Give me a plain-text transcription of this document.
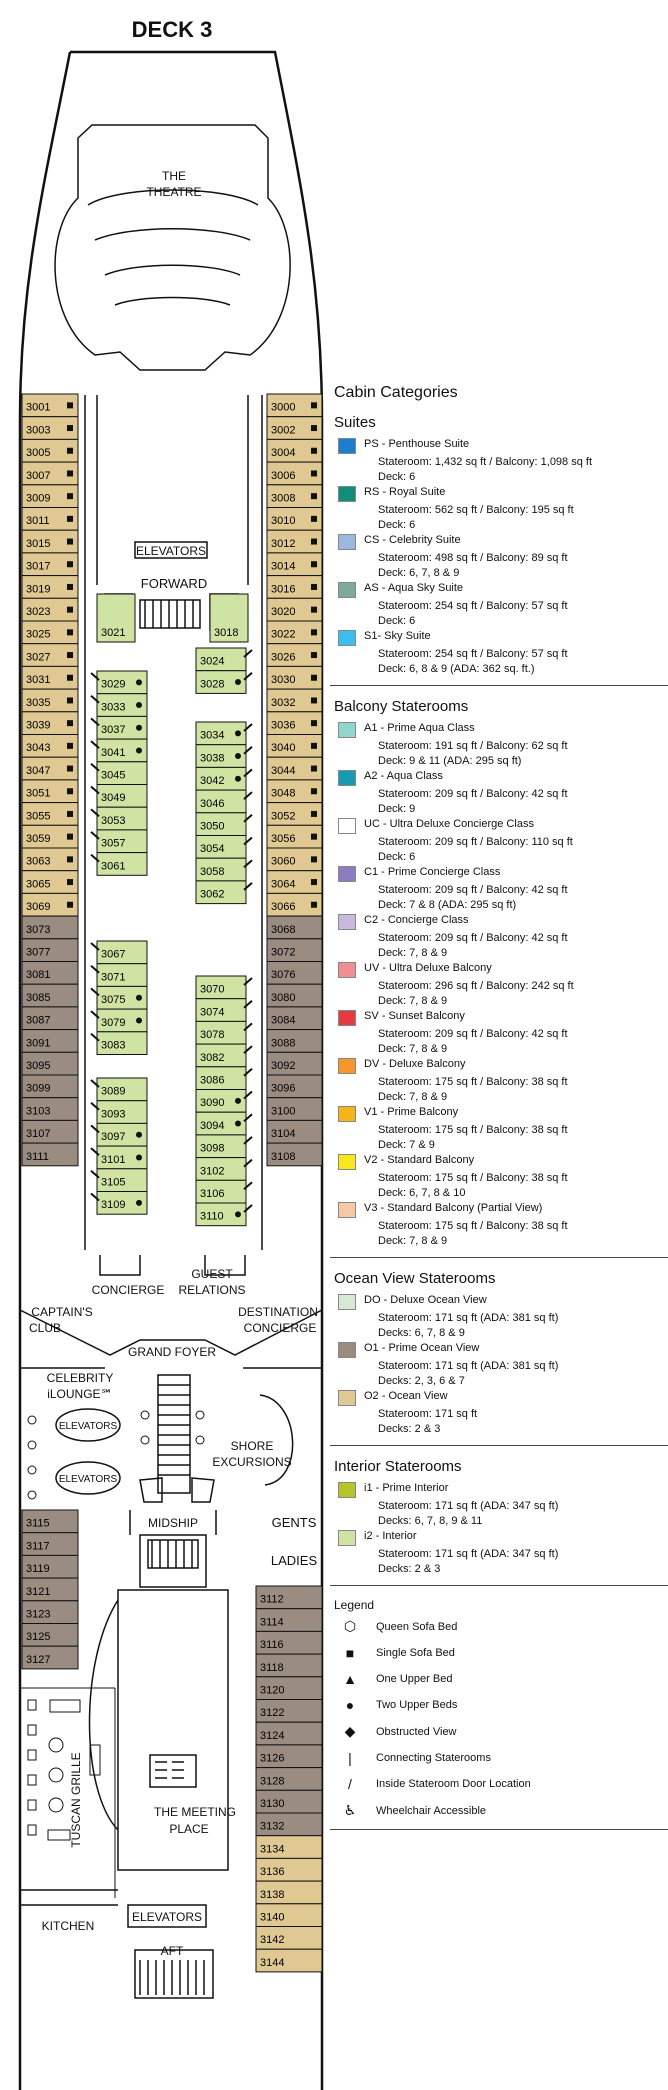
3001
3003
3005
3007
3009
3011
3015
3017
3019
3023
3025
3027
3031
3035
3039
3043
3047
3051
3055
3059
3063
3065
3069
3073
3077
3081
3085
3087
3091
3095
3099
3103
3107
3111
3000
3002
3004
3006
3008
3010
3012
3014
3016
3020
3022
3026
3030
3032
3036
3040
3044
3048
3052
3056
3060
3064
3066
3068
3072
3076
3080
3084
3088
3092
3096
3100
3104
3108
3029
3033
3037
3041
3045
3049
3053
3057
3061
3067
3071
3075
3079
3083
3089
3093
3097
3101
3105
3109
3024
3028
3034
3038
3042
3046
3050
3054
3058
3062
3070
3074
3078
3082
3086
3090
3094
3098
3102
3106
3110
3021	3018
3115
3117
3119
3121
3123
3125
3127
3112
3114
3116
3118
3120
3122
3124
3126
3128
3130
3132
3134
3136
3138
3140
3142
3144
DECK 3
THE
THEATRE
ELEVATORS
FORWARD
CONCIERGE
GUEST
RELATIONS
CAPTAIN'S
CLUB
DESTINATION
CONCIERGE
GRAND FOYER
CELEBRITY
iLOUNGE℠
ELEVATORS
ELEVATORS
SHORE
EXCURSIONS
MIDSHIP	GENTS
LADIES
TUSCAN GRILLE	THE MEETING
PLACE
KITCHEN
ELEVATORS
AFT
Cabin Categories
Suites
PS - Penthouse Suite
Stateroom: 1,432 sq ft / Balcony: 1,098 sq ft
Deck: 6
RS - Royal Suite
Stateroom: 562 sq ft / Balcony: 195 sq ft
Deck: 6
CS - Celebrity Suite
Stateroom: 498 sq ft / Balcony: 89 sq ft
Deck: 6, 7, 8 & 9
AS - Aqua Sky Suite
Stateroom: 254 sq ft / Balcony: 57 sq ft
Deck: 6
S1- Sky Suite
Stateroom: 254 sq ft / Balcony: 57 sq ft
Deck: 6, 8 & 9 (ADA: 362 sq. ft.)
Balcony Staterooms
A1 - Prime Aqua Class
Stateroom: 191 sq ft / Balcony: 62 sq ft
Deck: 9 & 11 (ADA: 295 sq ft)
A2 - Aqua Class
Stateroom: 209 sq ft / Balcony: 42 sq ft
Deck: 9
UC - Ultra Deluxe Concierge Class
Stateroom: 209 sq ft / Balcony: 110 sq ft
Deck: 6
C1 - Prime Concierge Class
Stateroom: 209 sq ft / Balcony: 42 sq ft
Deck: 7 & 8 (ADA: 295 sq ft)
C2 - Concierge Class
Stateroom: 209 sq ft / Balcony: 42 sq ft
Deck: 7, 8 & 9
UV - Ultra Deluxe Balcony
Stateroom: 296 sq ft / Balcony: 242 sq ft
Deck: 7, 8 & 9
SV - Sunset Balcony
Stateroom: 209 sq ft / Balcony: 42 sq ft
Deck: 7, 8 & 9
DV - Deluxe Balcony
Stateroom: 175 sq ft / Balcony: 38 sq ft
Deck: 7, 8 & 9
V1 - Prime Balcony
Stateroom: 175 sq ft / Balcony: 38 sq ft
Deck: 7 & 9
V2 - Standard Balcony
Stateroom: 175 sq ft / Balcony: 38 sq ft
Deck: 6, 7, 8 & 10
V3 - Standard Balcony (Partial View)
Stateroom: 175 sq ft / Balcony: 38 sq ft
Deck: 7, 8 & 9
Ocean View Staterooms
DO - Deluxe Ocean View
Stateroom: 171 sq ft (ADA: 381 sq ft)
Decks: 6, 7, 8 & 9
O1 - Prime Ocean View
Stateroom: 171 sq ft (ADA: 381 sq ft)
Decks: 2, 3, 6 & 7
O2 - Ocean View
Stateroom: 171 sq ft
Decks: 2 & 3
Interior Staterooms
i1 - Prime Interior
Stateroom: 171 sq ft (ADA: 347 sq ft)
Decks: 6, 7, 8, 9 & 11
i2 - Interior
Stateroom: 171 sq ft (ADA: 347 sq ft)
Decks: 2 & 3
Legend
⬡	Queen Sofa Bed
■	Single Sofa Bed
▲	One Upper Bed
●	Two Upper Beds
◆	Obstructed View
|	Connecting Staterooms
/	Inside Stateroom Door Location
♿	Wheelchair Accessible
